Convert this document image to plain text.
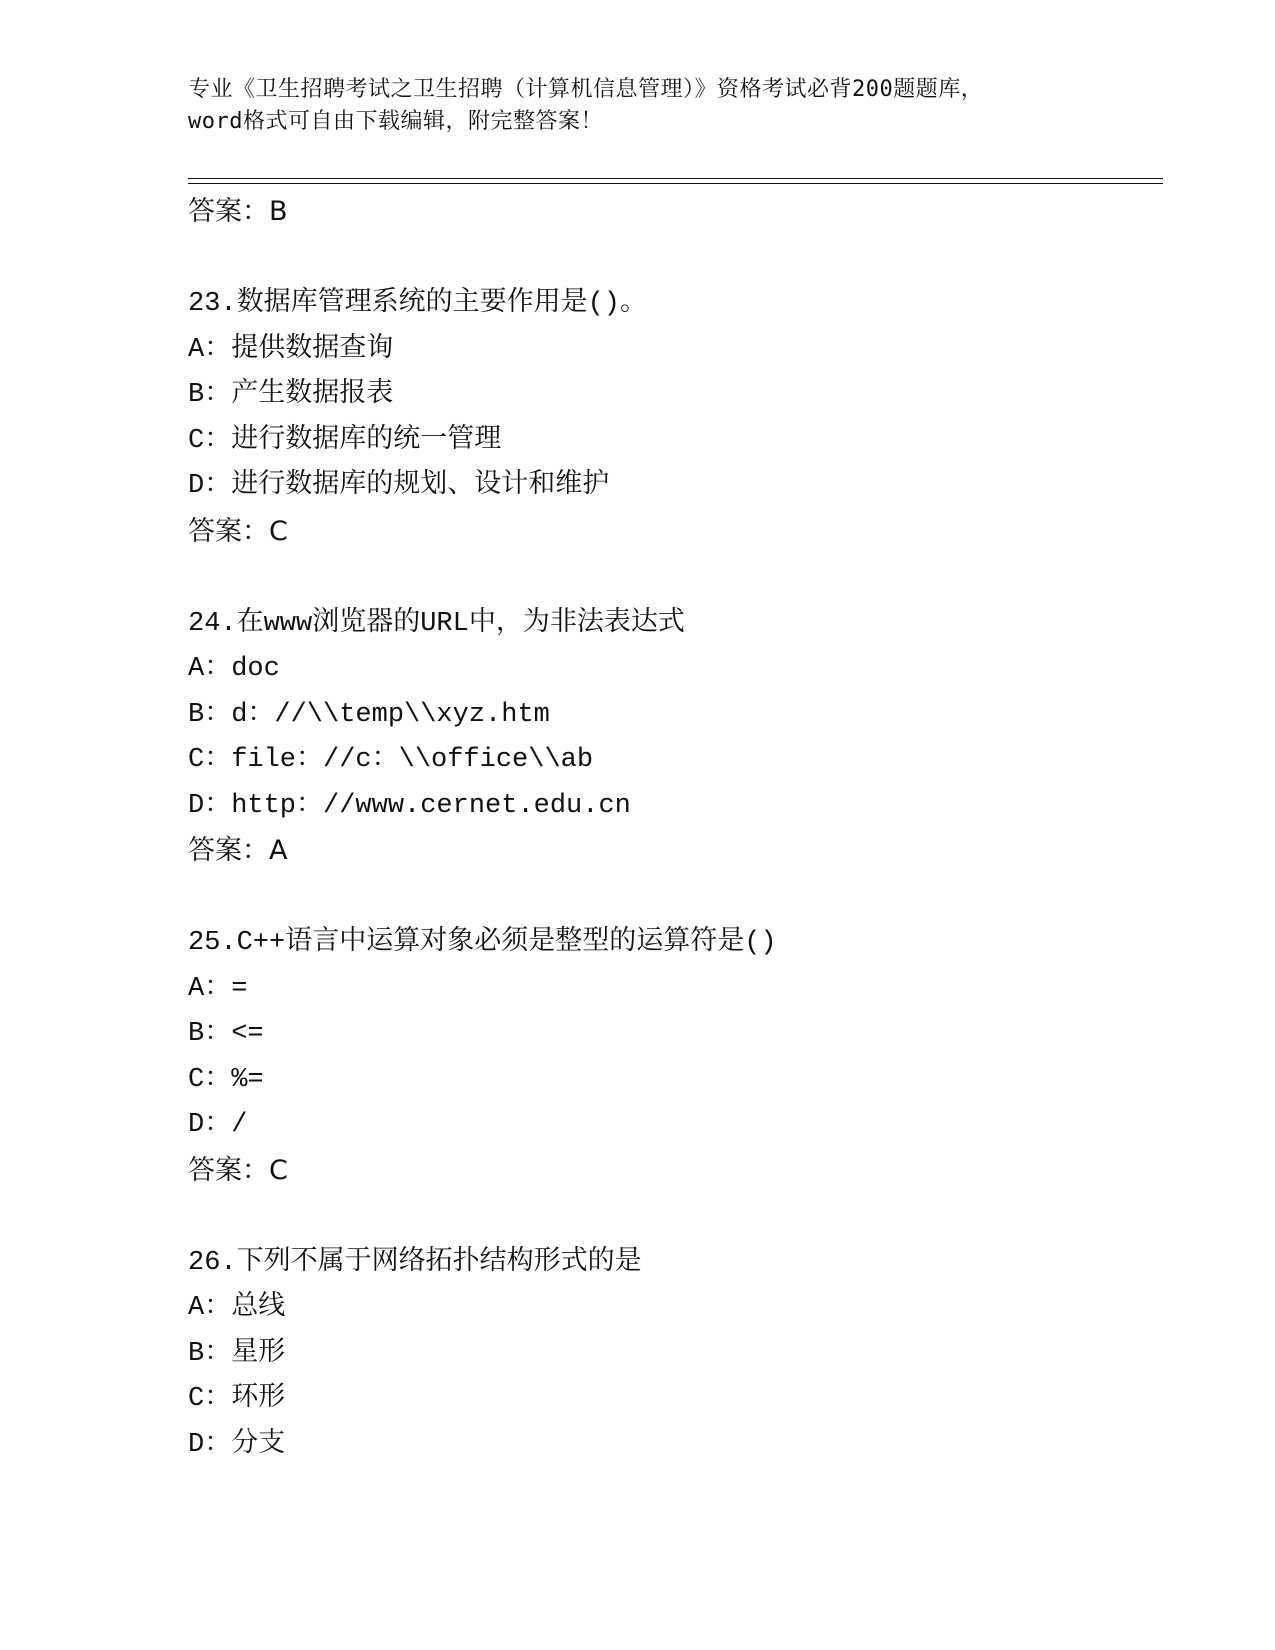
专业《卫生招聘考试之卫生招聘（计算机信息管理）》资格考试必背200题题库，
word格式可自由下载编辑，附完整答案！
答案：B
23.数据库管理系统的主要作用是()。
A：提供数据查询
B：产生数据报表
C：进行数据库的统一管理
D：进行数据库的规划、设计和维护
答案：C
24.在www浏览器的URL中，为非法表达式
A：doc
B：d：//\\temp\\xyz.htm
C：file：//c：\\office\\ab
D：http：//www.cernet.edu.cn
答案：A
25.C++语言中运算对象必须是整型的运算符是()
A：=
B：<=
C：%=
D：/
答案：C
26.下列不属于网络拓扑结构形式的是
A：总线
B：星形
C：环形
D：分支
